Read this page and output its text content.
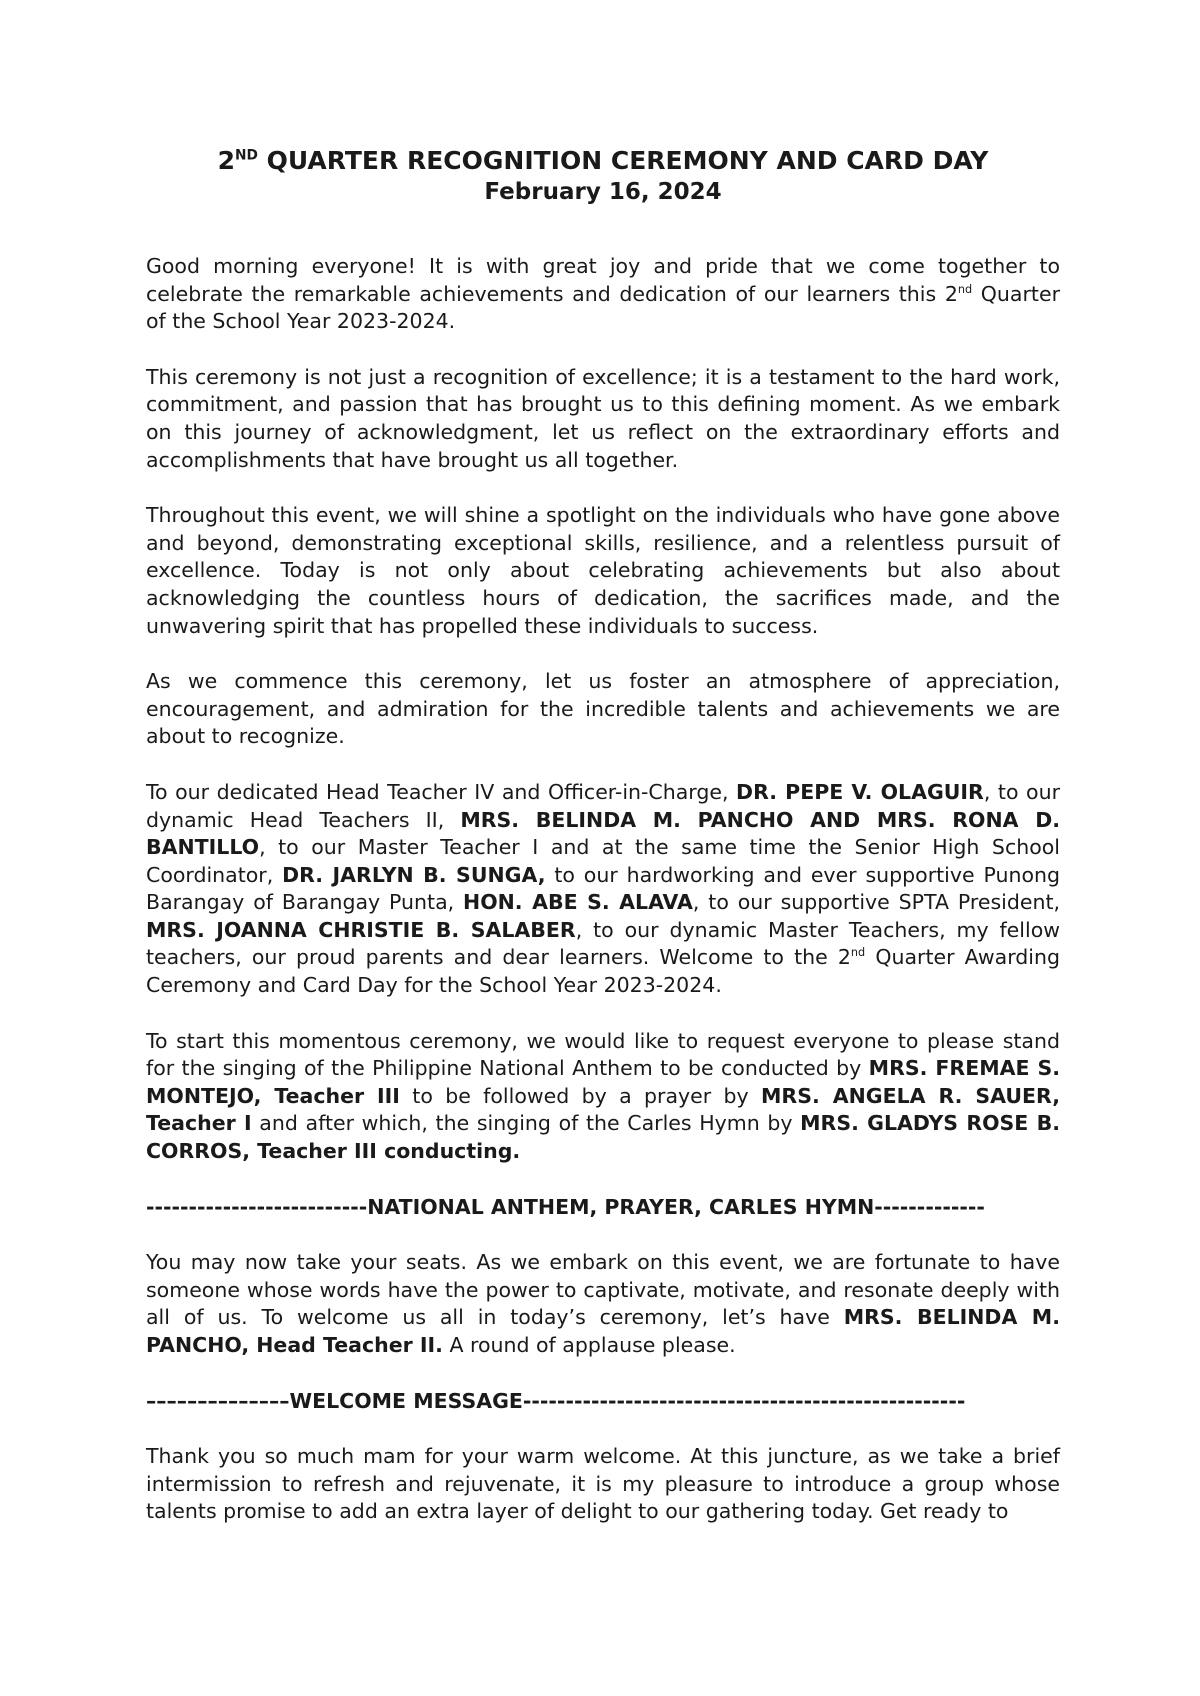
2ND QUARTER RECOGNITION CEREMONY AND CARD DAY
February 16, 2024

Good morning everyone! It is with great joy and pride that we come together to celebrate the remarkable achievements and dedication of our learners this 2nd Quarter of the School Year 2023-2024.

This ceremony is not just a recognition of excellence; it is a testament to the hard work, commitment, and passion that has brought us to this defining moment. As we embark on this journey of acknowledgment, let us reflect on the extraordinary efforts and accomplishments that have brought us all together.

Throughout this event, we will shine a spotlight on the individuals who have gone above and beyond, demonstrating exceptional skills, resilience, and a relentless pursuit of excellence. Today is not only about celebrating achievements but also about acknowledging the countless hours of dedication, the sacrifices made, and the unwavering spirit that has propelled these individuals to success.

As we commence this ceremony, let us foster an atmosphere of appreciation, encouragement, and admiration for the incredible talents and achievements we are about to recognize.

To our dedicated Head Teacher IV and Officer-in-Charge, DR. PEPE V. OLAGUIR, to our dynamic Head Teachers II, MRS. BELINDA M. PANCHO AND MRS. RONA D. BANTILLO, to our Master Teacher I and at the same time the Senior High School Coordinator, DR. JARLYN B. SUNGA, to our hardworking and ever supportive Punong Barangay of Barangay Punta, HON. ABE S. ALAVA, to our supportive SPTA President, MRS. JOANNA CHRISTIE B. SALABER, to our dynamic Master Teachers, my fellow teachers, our proud parents and dear learners. Welcome to the 2nd Quarter Awarding Ceremony and Card Day for the School Year 2023-2024.

To start this momentous ceremony, we would like to request everyone to please stand for the singing of the Philippine National Anthem to be conducted by MRS. FREMAE S. MONTEJO, Teacher III to be followed by a prayer by MRS. ANGELA R. SAUER, Teacher I and after which, the singing of the Carles Hymn by MRS. GLADYS ROSE B. CORROS, Teacher III conducting.

--------------------------NATIONAL ANTHEM, PRAYER, CARLES HYMN-------------

You may now take your seats. As we embark on this event, we are fortunate to have someone whose words have the power to captivate, motivate, and resonate deeply with all of us. To welcome us all in today’s ceremony, let’s have MRS. BELINDA M. PANCHO, Head Teacher II. A round of applause please.

––––––––––––––WELCOME MESSAGE----------------------------------------------------

Thank you so much mam for your warm welcome. At this juncture, as we take a brief intermission to refresh and rejuvenate, it is my pleasure to introduce a group whose talents promise to add an extra layer of delight to our gathering today. Get ready to
